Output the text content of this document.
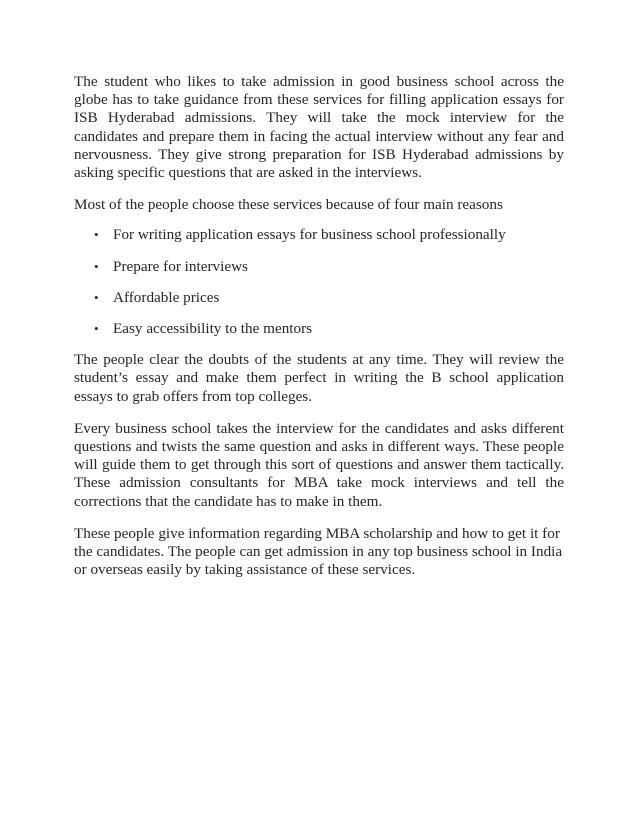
The student who likes to take admission in good business school across the globe has to take guidance from these services for filling application essays for ISB Hyderabad admissions. They will take the mock interview for the candidates and prepare them in facing the actual interview without any fear and nervousness. They give strong preparation for ISB Hyderabad admissions by asking specific questions that are asked in the interviews.

Most of the people choose these services because of four main reasons

• For writing application essays for business school professionally
• Prepare for interviews
• Affordable prices
• Easy accessibility to the mentors

The people clear the doubts of the students at any time. They will review the student’s essay and make them perfect in writing the B school application essays to grab offers from top colleges.

Every business school takes the interview for the candidates and asks different questions and twists the same question and asks in different ways. These people will guide them to get through this sort of questions and answer them tactically. These admission consultants for MBA take mock interviews and tell the corrections that the candidate has to make in them.

These people give information regarding MBA scholarship and how to get it for the candidates. The people can get admission in any top business school in India or overseas easily by taking assistance of these services.
